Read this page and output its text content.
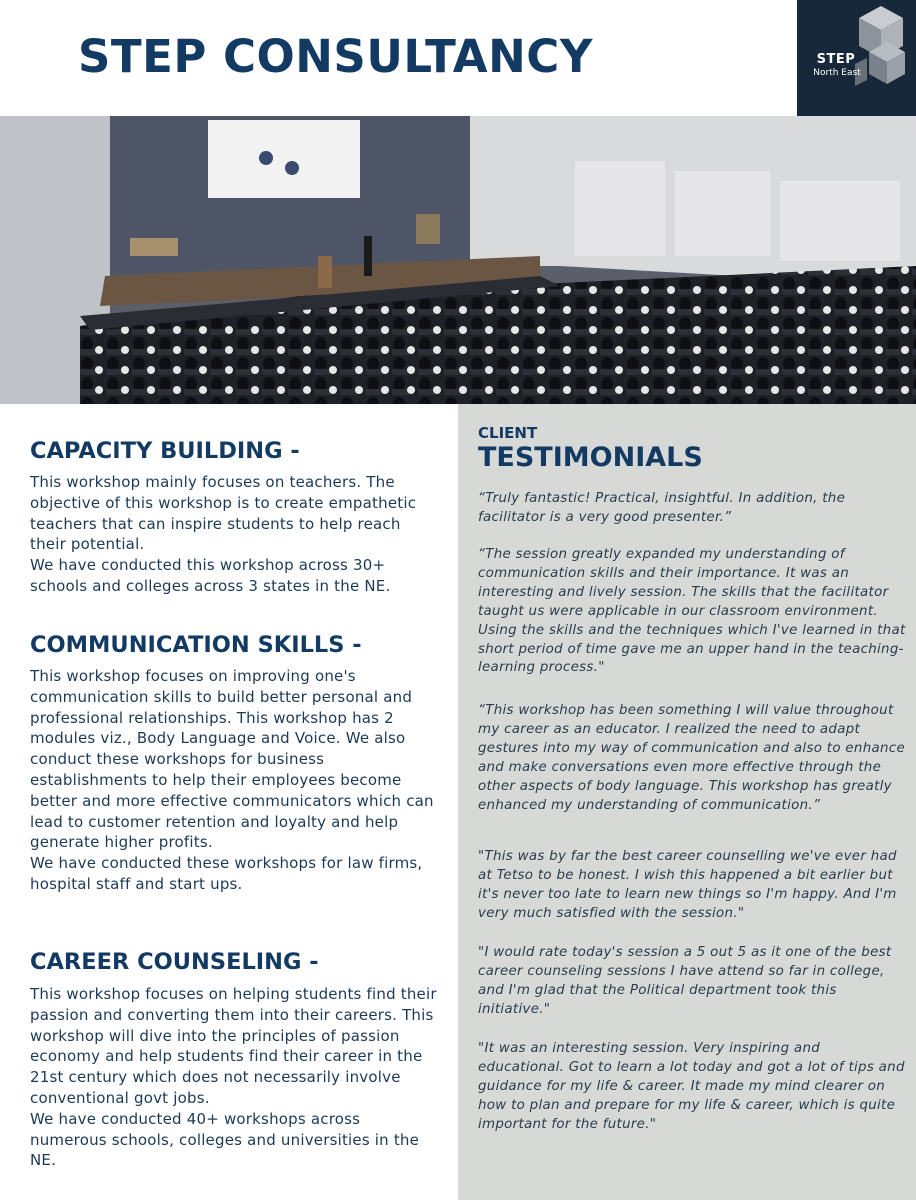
STEP CONSULTANCY	STEP
North East
CAPACITY BUILDING -

This workshop mainly focuses on teachers. The objective of this workshop is to create empathetic teachers that can inspire students to help reach their potential.

We have conducted this workshop across 30+ schools and colleges across 3 states in the NE.

COMMUNICATION SKILLS -

This workshop focuses on improving one's communication skills to build better personal and professional relationships. This workshop has 2 modules viz., Body Language and Voice. We also conduct these workshops for business establishments to help their employees become better and more effective communicators which can lead to customer retention and loyalty and help generate higher profits.

We have conducted these workshops for law firms, hospital staff and start ups.

CAREER COUNSELING -

This workshop focuses on helping students find their passion and converting them into their careers. This workshop will dive into the principles of passion economy and help students find their career in the 21st century which does not necessarily involve conventional govt jobs.

We have conducted 40+ workshops across numerous schools, colleges and universities in the NE.

CLIENT
TESTIMONIALS

“Truly fantastic! Practical, insightful. In addition, the facilitator is a very good presenter.”

“The session greatly expanded my understanding of communication skills and their importance. It was an interesting and lively session. The skills that the facilitator taught us were applicable in our classroom environment. Using the skills and the techniques which I've learned in that short period of time gave me an upper hand in the teaching-learning process."

“This workshop has been something I will value throughout my career as an educator. I realized the need to adapt gestures into my way of communication and also to enhance and make conversations even more effective through the other aspects of body language. This workshop has greatly enhanced my understanding of communication.”

"This was by far the best career counselling we've ever had at Tetso to be honest. I wish this happened a bit earlier but it's never too late to learn new things so I'm happy. And I'm very much satisfied with the session."

"I would rate today's session a 5 out 5 as it one of the best career counseling sessions I have attend so far in college, and I'm glad that the Political department took this initiative."

"It was an interesting session. Very inspiring and educational. Got to learn a lot today and got a lot of tips and guidance for my life & career. It made my mind clearer on how to plan and prepare for my life & career, which is quite important for the future."
